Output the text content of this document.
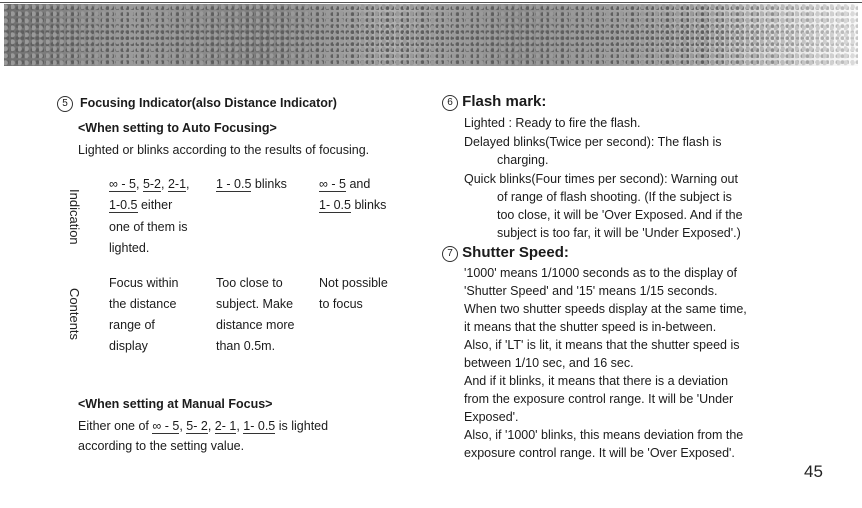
5 Focusing Indicator(also Distance Indicator)
<When setting to Auto Focusing>
Lighted or blinks according to the results of focusing.
Indication
Contents
∞ - 5, 5-2, 2-1,
1-0.5 either
one of them is
lighted.
1 - 0.5 blinks	∞ - 5 and
1- 0.5 blinks
Focus within
the distance
range of
display
Too close to
subject. Make
distance more
than 0.5m.
Not possible
to focus
<When setting at Manual Focus>
Either one of ∞ - 5, 5- 2, 2- 1, 1- 0.5 is lighted
according to the setting value.
6 Flash mark:
Lighted : Ready to fire the flash.
Delayed blinks(Twice per second): The flash is
charging.
Quick blinks(Four times per second): Warning out
of range of flash shooting. (If the subject is
too close, it will be 'Over Exposed. And if the
subject is too far, it will be 'Under Exposed'.)
7 Shutter Speed:
'1000' means 1/1000 seconds as to the display of
'Shutter Speed' and '15' means 1/15 seconds.
When two shutter speeds display at the same time,
it means that the shutter speed is in-between.
Also, if 'LT' is lit, it means that the shutter speed is
between 1/10 sec, and 16 sec.
And if it blinks, it means that there is a deviation
from the exposure control range. It will be 'Under
Exposed'.
Also, if '1000' blinks, this means deviation from the
exposure control range. It will be 'Over Exposed'.
45
